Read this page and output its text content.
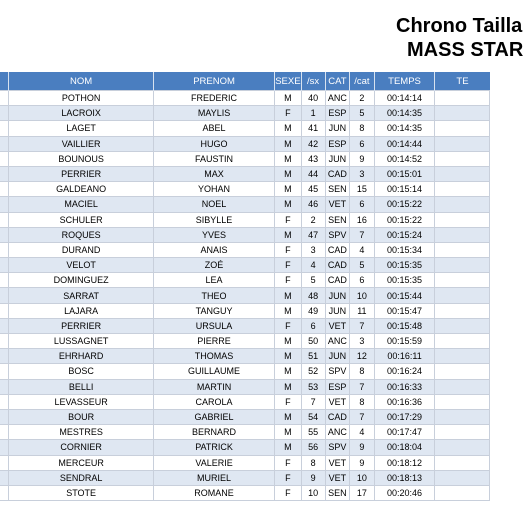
Chrono Tailla
MASS STAR
	NOM	PRENOM	SEXE	/sx	CAT	/cat	TEMPS	TE
	POTHON	FREDERIC	M	40	ANC	2	00:14:14	
	LACROIX	MAYLIS	F	1	ESP	5	00:14:35	
	LAGET	ABEL	M	41	JUN	8	00:14:35	
	VAILLIER	HUGO	M	42	ESP	6	00:14:44	
	BOUNOUS	FAUSTIN	M	43	JUN	9	00:14:52	
	PERRIER	MAX	M	44	CAD	3	00:15:01	
	GALDEANO	YOHAN	M	45	SEN	15	00:15:14	
	MACIEL	NOEL	M	46	VET	6	00:15:22	
	SCHULER	SIBYLLE	F	2	SEN	16	00:15:22	
	ROQUES	YVES	M	47	SPV	7	00:15:24	
	DURAND	ANAIS	F	3	CAD	4	00:15:34	
	VELOT	ZOÉ	F	4	CAD	5	00:15:35	
	DOMINGUEZ	LEA	F	5	CAD	6	00:15:35	
	SARRAT	THEO	M	48	JUN	10	00:15:44	
	LAJARA	TANGUY	M	49	JUN	11	00:15:47	
	PERRIER	URSULA	F	6	VET	7	00:15:48	
	LUSSAGNET	PIERRE	M	50	ANC	3	00:15:59	
	EHRHARD	THOMAS	M	51	JUN	12	00:16:11	
	BOSC	GUILLAUME	M	52	SPV	8	00:16:24	
	BELLI	MARTIN	M	53	ESP	7	00:16:33	
	LEVASSEUR	CAROLA	F	7	VET	8	00:16:36	
	BOUR	GABRIEL	M	54	CAD	7	00:17:29	
	MESTRES	BERNARD	M	55	ANC	4	00:17:47	
	CORNIER	PATRICK	M	56	SPV	9	00:18:04	
	MERCEUR	VALERIE	F	8	VET	9	00:18:12	
	SENDRAL	MURIEL	F	9	VET	10	00:18:13	
	STOTE	ROMANE	F	10	SEN	17	00:20:46	
